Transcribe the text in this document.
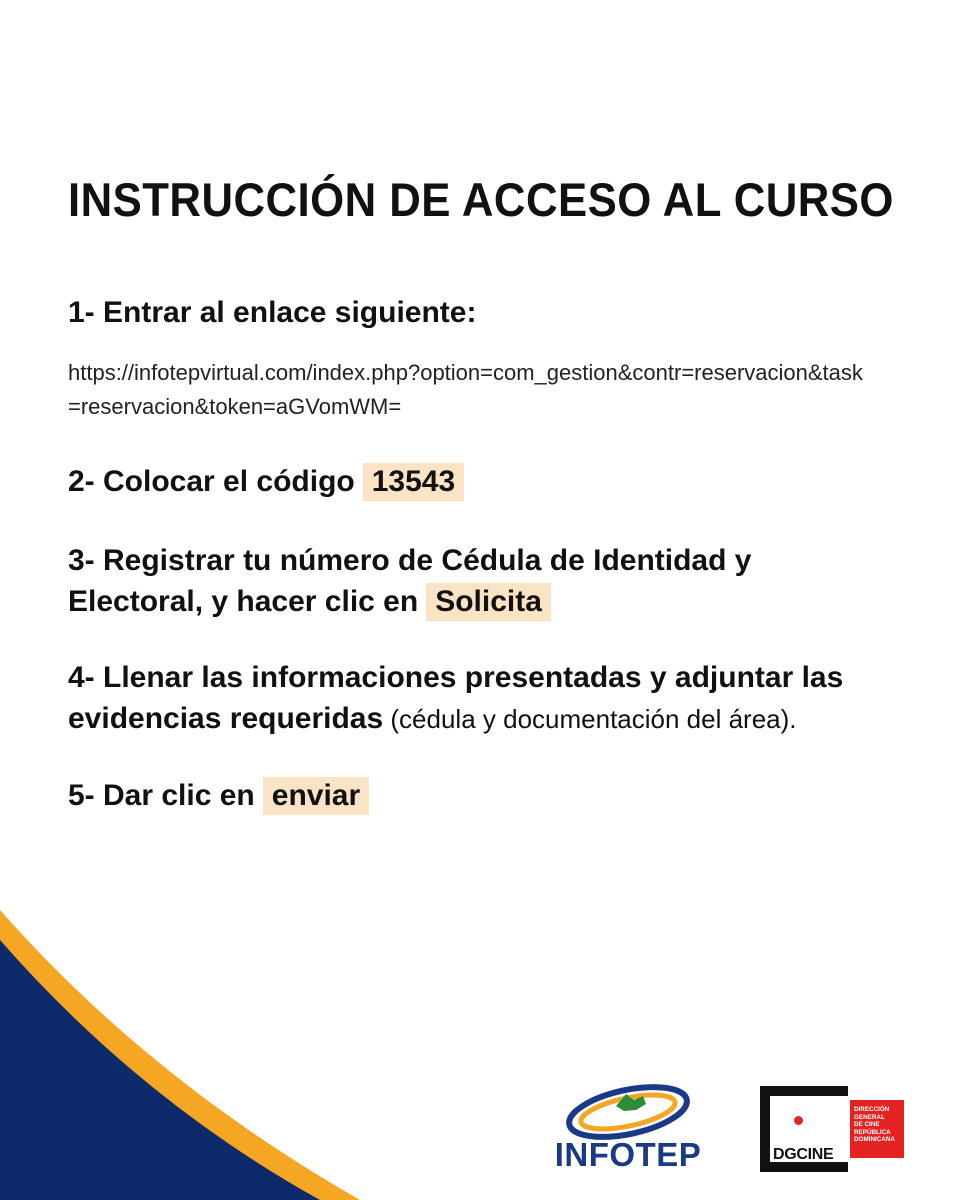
INSTRUCCIÓN DE ACCESO AL CURSO

1- Entrar al enlace siguiente:

https://infotepvirtual.com/index.php?option=com_gestion&contr=reservacion&task=reservacion&token=aGVomWM=

2- Colocar el código 13543

3- Registrar tu número de Cédula de Identidad y
Electoral, y hacer clic en Solicita
4- Llenar las informaciones presentadas y adjuntar las
evidencias requeridas (cédula y documentación del área).

5- Dar clic en enviar

INFOTEP	DGCINE
DIRECCIÓN
GENERAL
DE CINE
REPÚBLICA
DOMINICANA
